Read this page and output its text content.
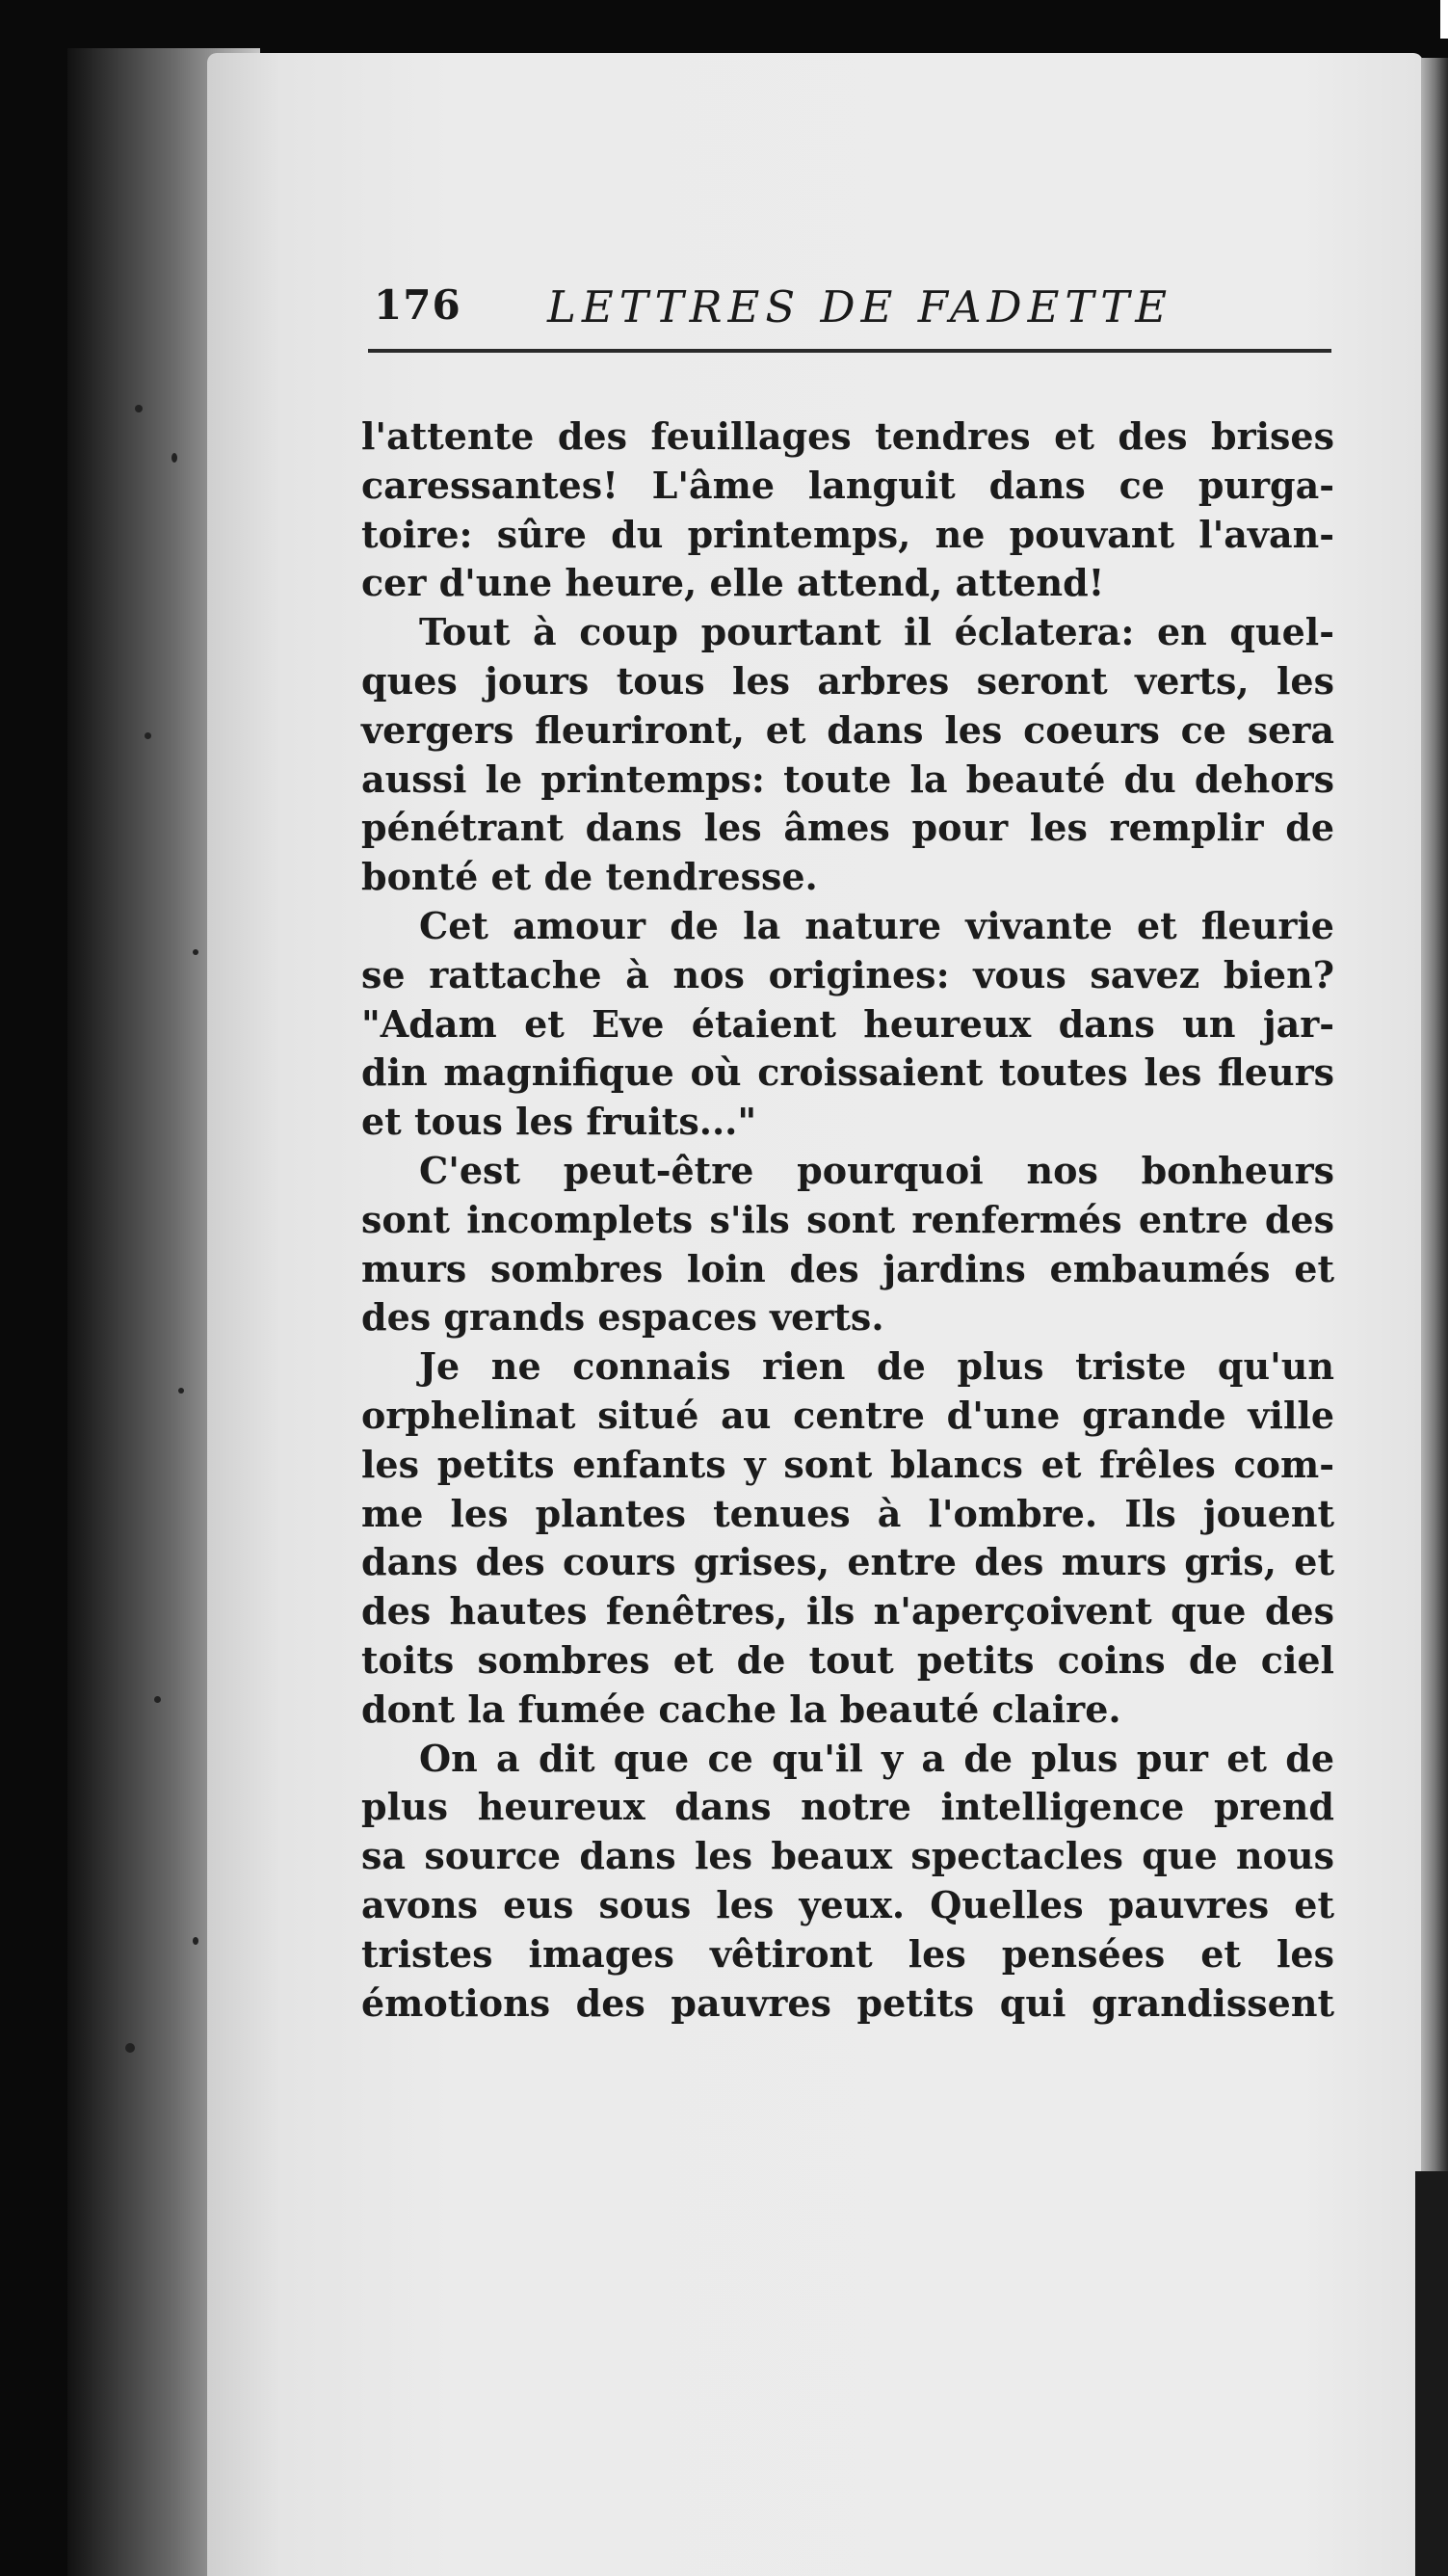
176 LETTRES DE FADETTE
l'attente des feuillages tendres et des brises
caressantes! L'âme languit dans ce purga-
toire: sûre du printemps, ne pouvant l'avan-
cer d'une heure, elle attend, attend!
Tout à coup pourtant il éclatera: en quel-
ques jours tous les arbres seront verts, les
vergers fleuriront, et dans les coeurs ce sera
aussi le printemps: toute la beauté du dehors
pénétrant dans les âmes pour les remplir de
bonté et de tendresse.
Cet amour de la nature vivante et fleurie
se rattache à nos origines: vous savez bien?
"Adam et Eve étaient heureux dans un jar-
din magnifique où croissaient toutes les fleurs
et tous les fruits..."
C'est peut-être pourquoi nos bonheurs
sont incomplets s'ils sont renfermés entre des
murs sombres loin des jardins embaumés et
des grands espaces verts.
Je ne connais rien de plus triste qu'un
orphelinat situé au centre d'une grande ville
les petits enfants y sont blancs et frêles com-
me les plantes tenues à l'ombre. Ils jouent
dans des cours grises, entre des murs gris, et
des hautes fenêtres, ils n'aperçoivent que des
toits sombres et de tout petits coins de ciel
dont la fumée cache la beauté claire.
On a dit que ce qu'il y a de plus pur et de
plus heureux dans notre intelligence prend
sa source dans les beaux spectacles que nous
avons eus sous les yeux. Quelles pauvres et
tristes images vêtiront les pensées et les
émotions des pauvres petits qui grandissent
